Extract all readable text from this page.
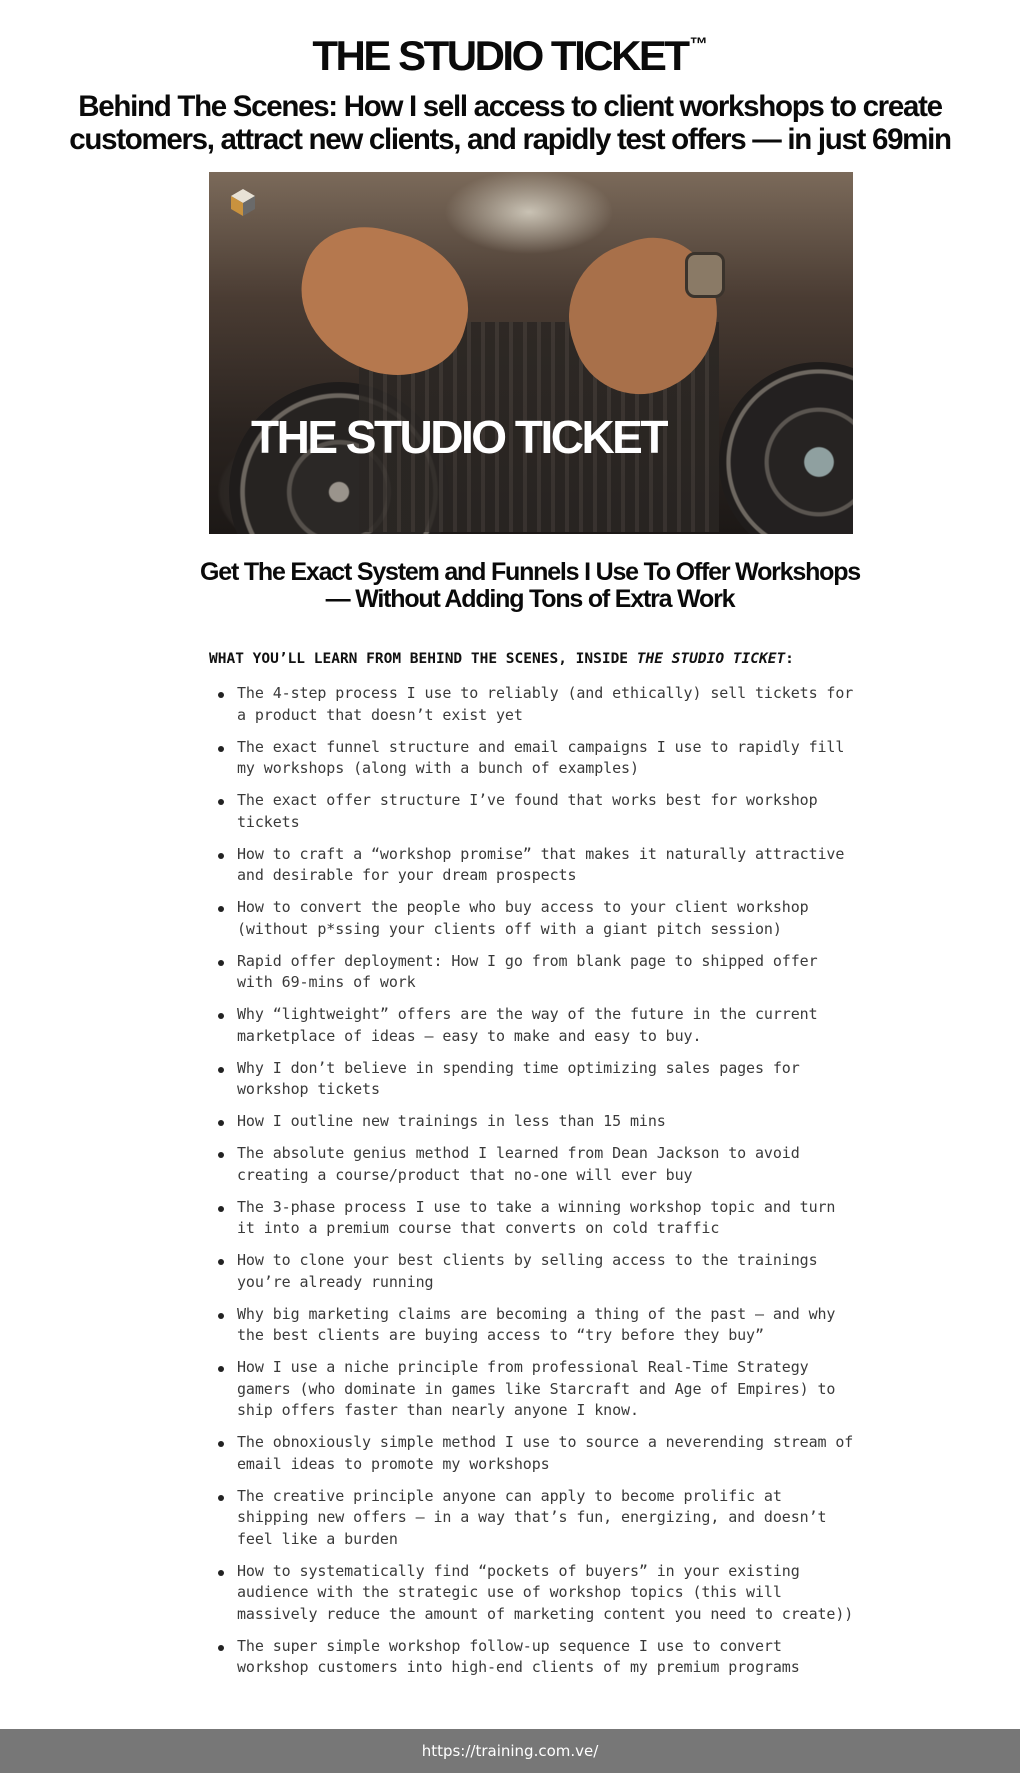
THE STUDIO TICKET ™
Behind The Scenes: How I sell access to client workshops to create customers, attract new clients, and rapidly test offers — in just 69min
THE STUDIO TICKET
Get The Exact System and Funnels I Use To Offer Workshops — Without Adding Tons of Extra Work
WHAT YOU’LL LEARN FROM BEHIND THE SCENES, INSIDE THE STUDIO TICKET:
The 4-step process I use to reliably (and ethically) sell tickets for a product that doesn’t exist yet
The exact funnel structure and email campaigns I use to rapidly fill my workshops (along with a bunch of examples)
The exact offer structure I’ve found that works best for workshop tickets
How to craft a “workshop promise” that makes it naturally attractive and desirable for your dream prospects
How to convert the people who buy access to your client workshop (without p*ssing your clients off with a giant pitch session)
Rapid offer deployment: How I go from blank page to shipped offer with 69-mins of work
Why “lightweight” offers are the way of the future in the current marketplace of ideas — easy to make and easy to buy.
Why I don’t believe in spending time optimizing sales pages for workshop tickets
How I outline new trainings in less than 15 mins
The absolute genius method I learned from Dean Jackson to avoid creating a course/product that no-one will ever buy
The 3-phase process I use to take a winning workshop topic and turn it into a premium course that converts on cold traffic
How to clone your best clients by selling access to the trainings you’re already running
Why big marketing claims are becoming a thing of the past — and why the best clients are buying access to “try before they buy”
How I use a niche principle from professional Real-Time Strategy gamers (who dominate in games like Starcraft and Age of Empires) to ship offers faster than nearly anyone I know.
The obnoxiously simple method I use to source a neverending stream of email ideas to promote my workshops
The creative principle anyone can apply to become prolific at shipping new offers — in a way that’s fun, energizing, and doesn’t feel like a burden
How to systematically find “pockets of buyers” in your existing audience with the strategic use of workshop topics (this will massively reduce the amount of marketing content you need to create))
The super simple workshop follow-up sequence I use to convert workshop customers into high-end clients of my premium programs
https://training.com.ve/
